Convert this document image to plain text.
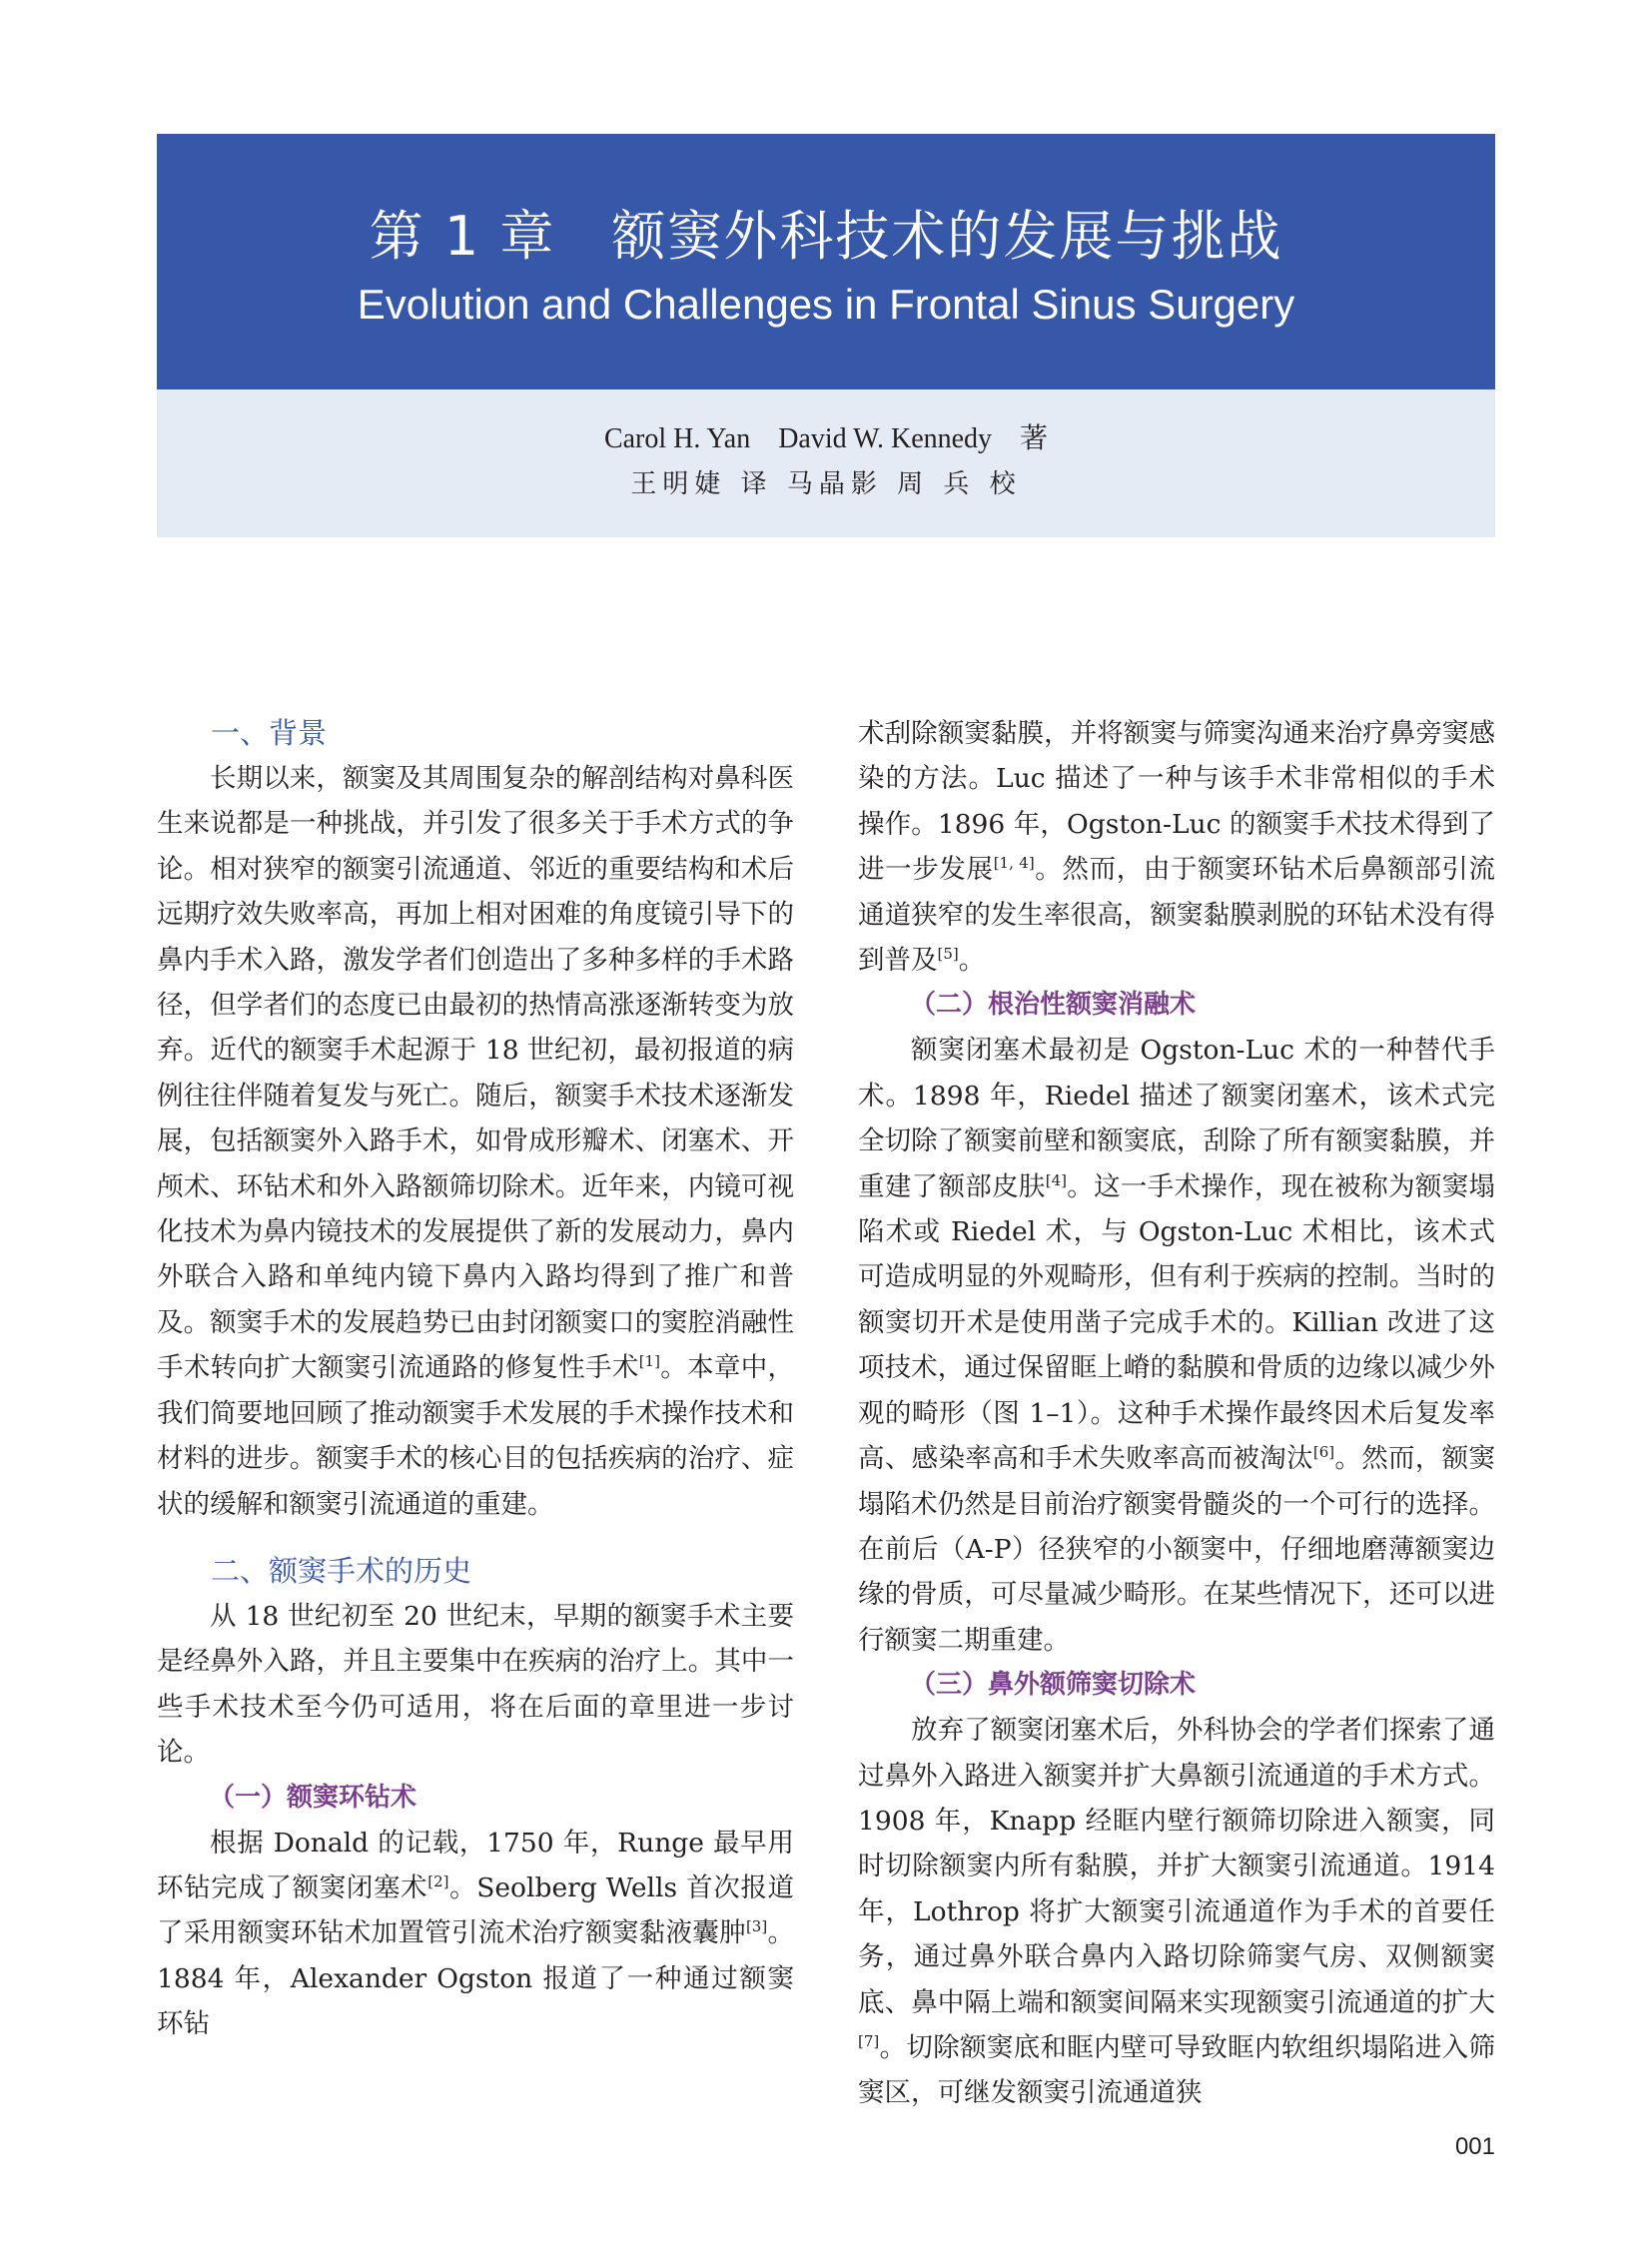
第 1 章　额窦外科技术的发展与挑战
Evolution and Challenges in Frontal Sinus Surgery
Carol H. Yan　David W. Kennedy　著
王明婕 译 马晶影 周 兵 校
一、背景

长期以来，额窦及其周围复杂的解剖结构对鼻科医生来说都是一种挑战，并引发了很多关于手术方式的争论。相对狭窄的额窦引流通道、邻近的重要结构和术后远期疗效失败率高，再加上相对困难的角度镜引导下的鼻内手术入路，激发学者们创造出了多种多样的手术路径，但学者们的态度已由最初的热情高涨逐渐转变为放弃。近代的额窦手术起源于 18 世纪初，最初报道的病例往往伴随着复发与死亡。随后，额窦手术技术逐渐发展，包括额窦外入路手术，如骨成形瓣术、闭塞术、开颅术、环钻术和外入路额筛切除术。近年来，内镜可视化技术为鼻内镜技术的发展提供了新的发展动力，鼻内外联合入路和单纯内镜下鼻内入路均得到了推广和普及。额窦手术的发展趋势已由封闭额窦口的窦腔消融性手术转向扩大额窦引流通路的修复性手术[1]。本章中，我们简要地回顾了推动额窦手术发展的手术操作技术和材料的进步。额窦手术的核心目的包括疾病的治疗、症状的缓解和额窦引流通道的重建。

二、额窦手术的历史

从 18 世纪初至 20 世纪末，早期的额窦手术主要是经鼻外入路，并且主要集中在疾病的治疗上。其中一些手术技术至今仍可适用，将在后面的章里进一步讨论。

（一）额窦环钻术

根据 Donald 的记载，1750 年，Runge 最早用环钻完成了额窦闭塞术[2]。Seolberg Wells 首次报道了采用额窦环钻术加置管引流术治疗额窦黏液囊肿[3]。1884 年，Alexander Ogston 报道了一种通过额窦环钻

术刮除额窦黏膜，并将额窦与筛窦沟通来治疗鼻旁窦感染的方法。Luc 描述了一种与该手术非常相似的手术操作。1896 年，Ogston-Luc 的额窦手术技术得到了进一步发展[1, 4]。然而，由于额窦环钻术后鼻额部引流通道狭窄的发生率很高，额窦黏膜剥脱的环钻术没有得到普及[5]。

（二）根治性额窦消融术

额窦闭塞术最初是 Ogston-Luc 术的一种替代手术。1898 年，Riedel 描述了额窦闭塞术，该术式完全切除了额窦前壁和额窦底，刮除了所有额窦黏膜，并重建了额部皮肤[4]。这一手术操作，现在被称为额窦塌陷术或 Riedel 术，与 Ogston-Luc 术相比，该术式可造成明显的外观畸形，但有利于疾病的控制。当时的额窦切开术是使用凿子完成手术的。Killian 改进了这项技术，通过保留眶上嵴的黏膜和骨质的边缘以减少外观的畸形（图 1–1）。这种手术操作最终因术后复发率高、感染率高和手术失败率高而被淘汰[6]。然而，额窦塌陷术仍然是目前治疗额窦骨髓炎的一个可行的选择。在前后（A-P）径狭窄的小额窦中，仔细地磨薄额窦边缘的骨质，可尽量减少畸形。在某些情况下，还可以进行额窦二期重建。

（三）鼻外额筛窦切除术

放弃了额窦闭塞术后，外科协会的学者们探索了通过鼻外入路进入额窦并扩大鼻额引流通道的手术方式。1908 年，Knapp 经眶内壁行额筛切除进入额窦，同时切除额窦内所有黏膜，并扩大额窦引流通道。1914 年，Lothrop 将扩大额窦引流通道作为手术的首要任务，通过鼻外联合鼻内入路切除筛窦气房、双侧额窦底、鼻中隔上端和额窦间隔来实现额窦引流通道的扩大[7]。切除额窦底和眶内壁可导致眶内软组织塌陷进入筛窦区，可继发额窦引流通道狭

001
